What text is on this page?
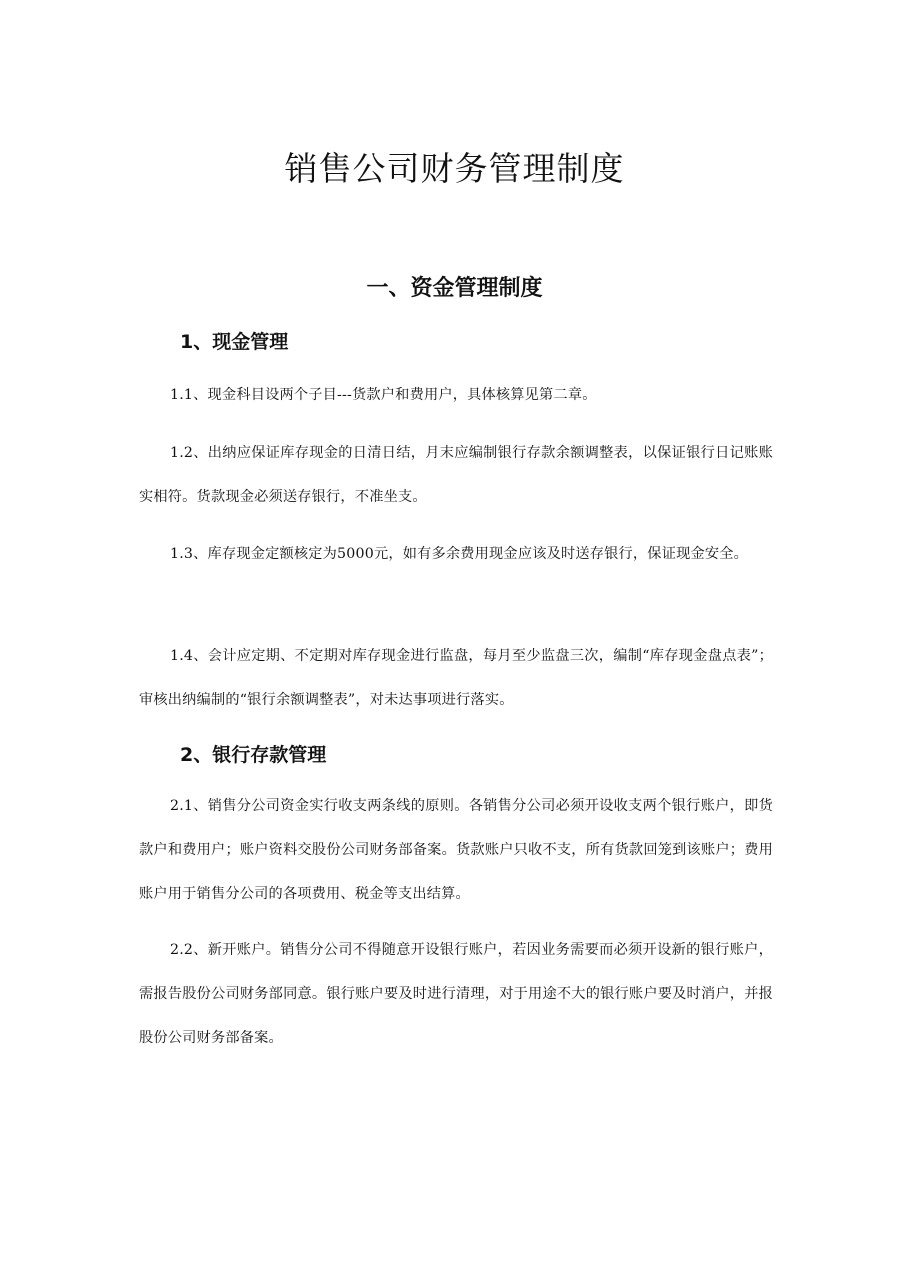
销售公司财务管理制度
一、资金管理制度
1、现金管理

1.1、现金科目设两个子目---货款户和费用户，具体核算见第二章。

1.2、出纳应保证库存现金的日清日结，月末应编制银行存款余额调整表，以保证银行日记账账实相符。货款现金必须送存银行，不准坐支。

1.3、库存现金定额核定为5000元，如有多余费用现金应该及时送存银行，保证现金安全。

1.4、会计应定期、不定期对库存现金进行监盘，每月至少监盘三次，编制“库存现金盘点表”；审核出纳编制的“银行余额调整表”，对未达事项进行落实。

2、银行存款管理

2.1、销售分公司资金实行收支两条线的原则。各销售分公司必须开设收支两个银行账户，即货款户和费用户；账户资料交股份公司财务部备案。货款账户只收不支，所有货款回笼到该账户；费用账户用于销售分公司的各项费用、税金等支出结算。

2.2、新开账户。销售分公司不得随意开设银行账户，若因业务需要而必须开设新的银行账户，需报告股份公司财务部同意。银行账户要及时进行清理，对于用途不大的银行账户要及时消户，并报股份公司财务部备案。
